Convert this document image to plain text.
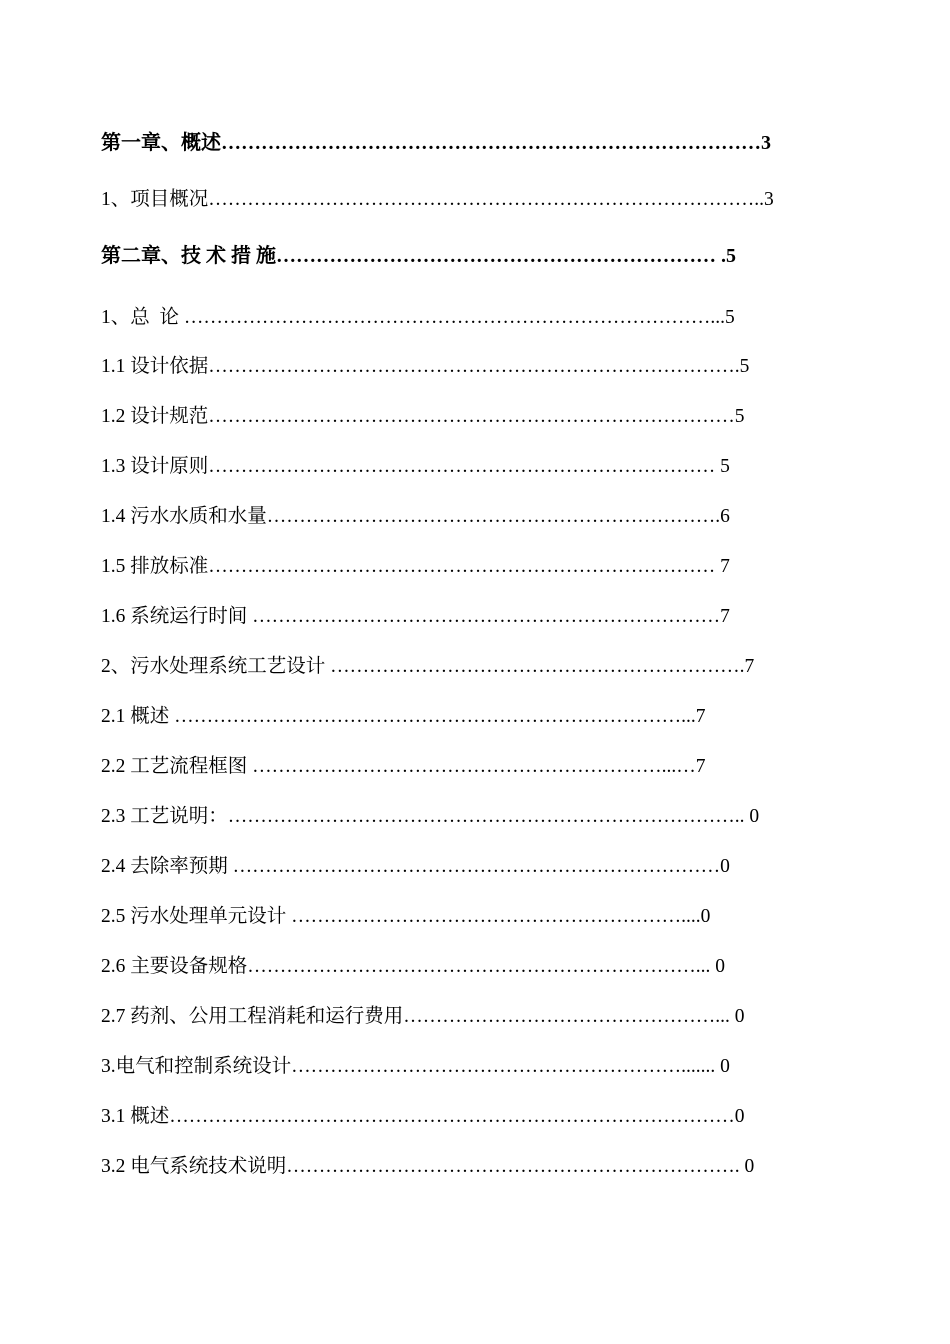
第一章、概述………………………………………………………………………3
1、项目概况…………………………………………………………………………..3
第二章、技 术 措 施………………………………………………………… .5
1、总  论 ………………………………………………………………………...5
1.1 设计依据……………………………………………………………………….5
1.2 设计规范………………………………………………………………………5
1.3 设计原则…………………………………………………………………… 5
1.4 污水水质和水量…………………………………………………………….6
1.5 排放标准…………………………………………………………………… 7
1.6 系统运行时间 ………………………………………………………………7
2、污水处理系统工艺设计 ……………………………………………………….7
2.1 概述 ……………………………………………………………………...7
2.2 工艺流程框图 ………………………………………………………...…7
2.3 工艺说明：…………………………………………………………………….. 0
2.4 去除率预期 …………………………………………………………………0
2.5 污水处理单元设计 ……………………………………………………....0
2.6 主要设备规格……………………………………………………………... 0
2.7 药剂、公用工程消耗和运行费用…………………………………………... 0
3.电气和控制系统设计……………………………………………………....... 0
3.1 概述……………………………………………………………………………0
3.2 电气系统技术说明……………………………………………………………. 0
